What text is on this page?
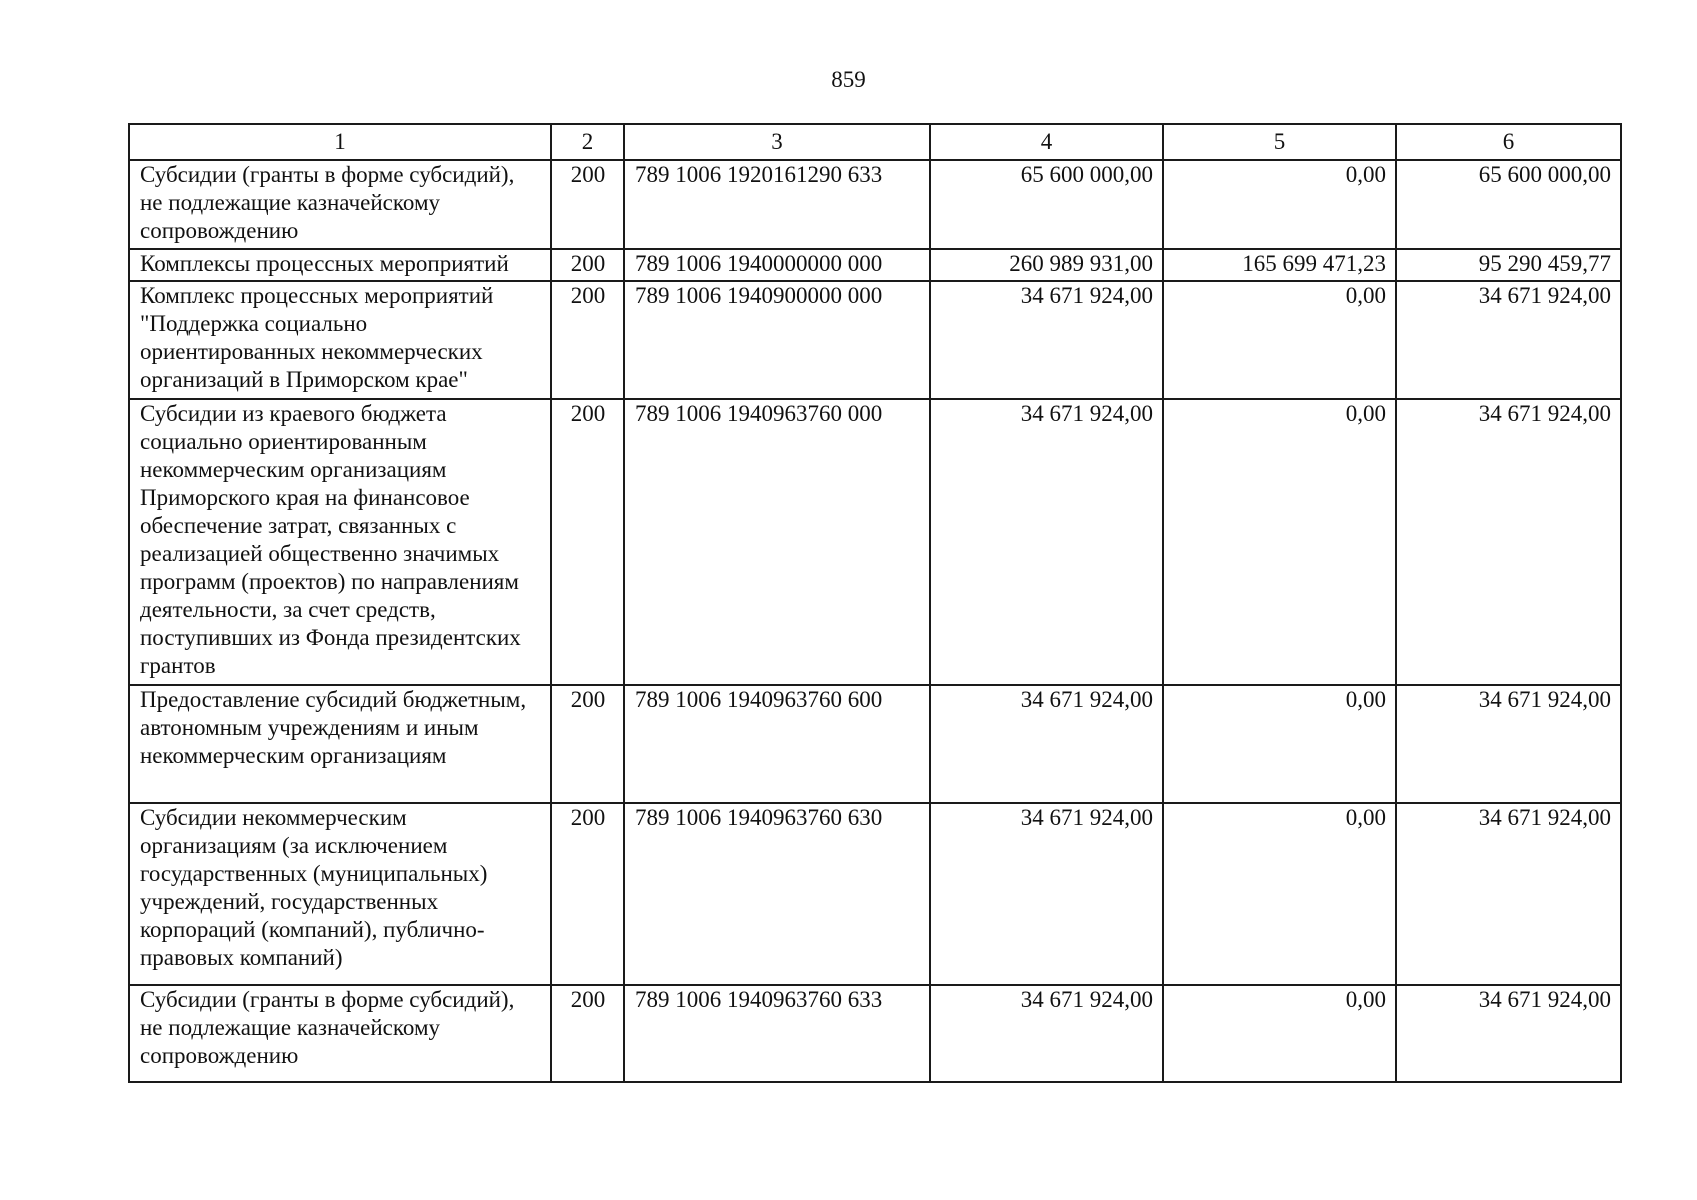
859
1	2	3	4	5	6
Субсидии (гранты в форме субсидий), не подлежащие казначейскому сопровождению	200	789 1006 1920161290 633	65 600 000,00	0,00	65 600 000,00
Комплексы процессных мероприятий	200	789 1006 1940000000 000	260 989 931,00	165 699 471,23	95 290 459,77
Комплекс процессных мероприятий "Поддержка социально ориентированных некоммерческих организаций в Приморском крае"	200	789 1006 1940900000 000	34 671 924,00	0,00	34 671 924,00
Субсидии из краевого бюджета социально ориентированным некоммерческим организациям Приморского края на финансовое обеспечение затрат, связанных с реализацией общественно значимых программ (проектов) по направлениям деятельности, за счет средств, поступивших из Фонда президентских грантов	200	789 1006 1940963760 000	34 671 924,00	0,00	34 671 924,00
Предоставление субсидий бюджетным, автономным учреждениям и иным некоммерческим организациям	200	789 1006 1940963760 600	34 671 924,00	0,00	34 671 924,00
Субсидии некоммерческим организациям (за исключением государственных (муниципальных) учреждений, государственных корпораций (компаний), публично-правовых компаний)	200	789 1006 1940963760 630	34 671 924,00	0,00	34 671 924,00
Субсидии (гранты в форме субсидий), не подлежащие казначейскому сопровождению	200	789 1006 1940963760 633	34 671 924,00	0,00	34 671 924,00
